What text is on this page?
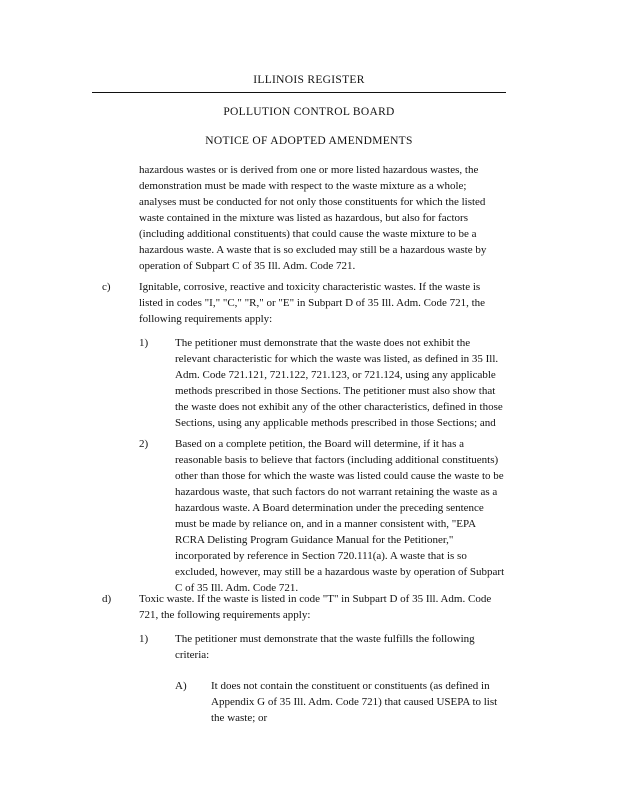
ILLINOIS REGISTER
POLLUTION CONTROL BOARD
NOTICE OF ADOPTED AMENDMENTS
hazardous wastes or is derived from one or more listed hazardous wastes, the
demonstration must be made with respect to the waste mixture as a whole;
analyses must be conducted for not only those constituents for which the listed
waste contained in the mixture was listed as hazardous, but also for factors
(including additional constituents) that could cause the waste mixture to be a
hazardous waste. A waste that is so excluded may still be a hazardous waste by
operation of Subpart C of 35 Ill. Adm. Code 721.
c)	Ignitable, corrosive, reactive and toxicity characteristic wastes. If the waste is
listed in codes "I," "C," "R," or "E" in Subpart D of 35 Ill. Adm. Code 721, the
following requirements apply:
1) The petitioner must demonstrate that the waste does not exhibit the
relevant characteristic for which the waste was listed, as defined in 35 Ill.
Adm. Code 721.121, 721.122, 721.123, or 721.124, using any applicable
methods prescribed in those Sections. The petitioner must also show that
the waste does not exhibit any of the other characteristics, defined in those
Sections, using any applicable methods prescribed in those Sections; and
2) Based on a complete petition, the Board will determine, if it has a
reasonable basis to believe that factors (including additional constituents)
other than those for which the waste was listed could cause the waste to be
hazardous waste, that such factors do not warrant retaining the waste as a
hazardous waste. A Board determination under the preceding sentence
must be made by reliance on, and in a manner consistent with, "EPA
RCRA Delisting Program Guidance Manual for the Petitioner,"
incorporated by reference in Section 720.111(a). A waste that is so
excluded, however, may still be a hazardous waste by operation of Subpart
C of 35 Ill. Adm. Code 721.
d)	Toxic waste. If the waste is listed in code "T" in Subpart D of 35 Ill. Adm. Code
721, the following requirements apply:
1) The petitioner must demonstrate that the waste fulfills the following
criteria:
A) It does not contain the constituent or constituents (as defined in
Appendix G of 35 Ill. Adm. Code 721) that caused USEPA to list
the waste; or
